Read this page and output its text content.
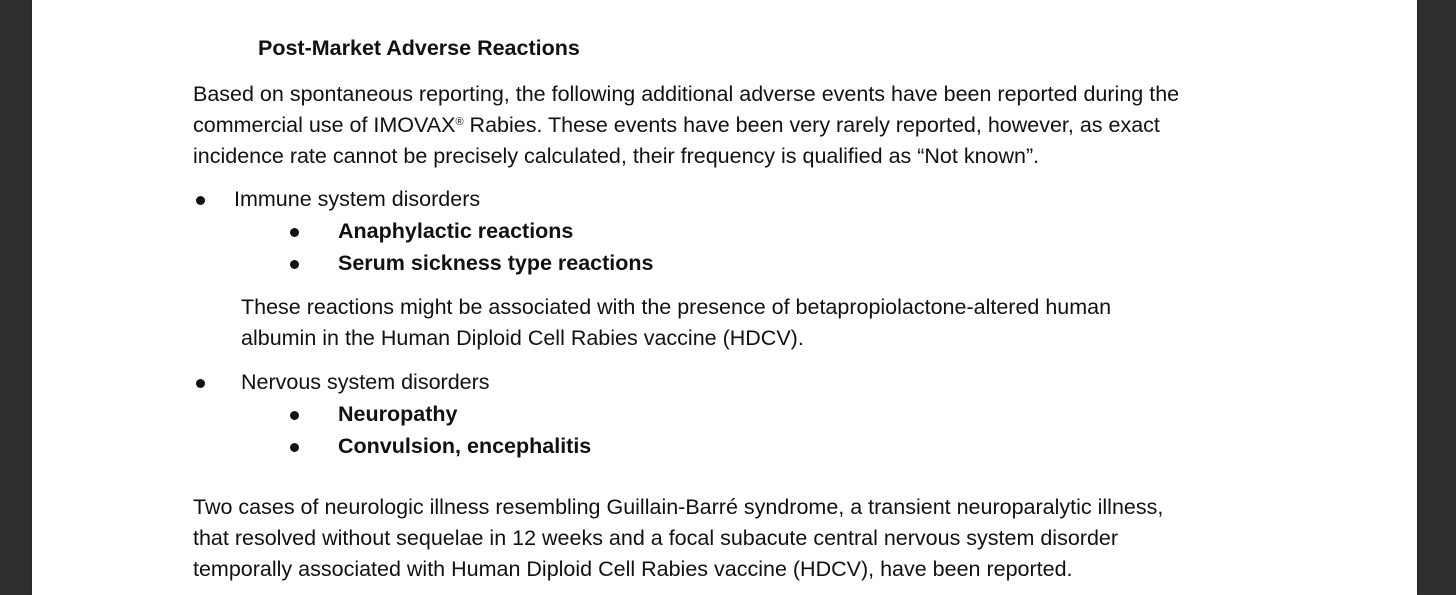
Post-Market Adverse Reactions
Based on spontaneous reporting, the following additional adverse events have been reported during the
commercial use of IMOVAX® Rabies. These events have been very rarely reported, however, as exact
incidence rate cannot be precisely calculated, their frequency is qualified as “Not known”.
Immune system disorders
Anaphylactic reactions
Serum sickness type reactions
These reactions might be associated with the presence of betapropiolactone-altered human
albumin in the Human Diploid Cell Rabies vaccine (HDCV).
Nervous system disorders
Neuropathy
Convulsion, encephalitis
Two cases of neurologic illness resembling Guillain-Barré syndrome, a transient neuroparalytic illness,
that resolved without sequelae in 12 weeks and a focal subacute central nervous system disorder
temporally associated with Human Diploid Cell Rabies vaccine (HDCV), have been reported.
